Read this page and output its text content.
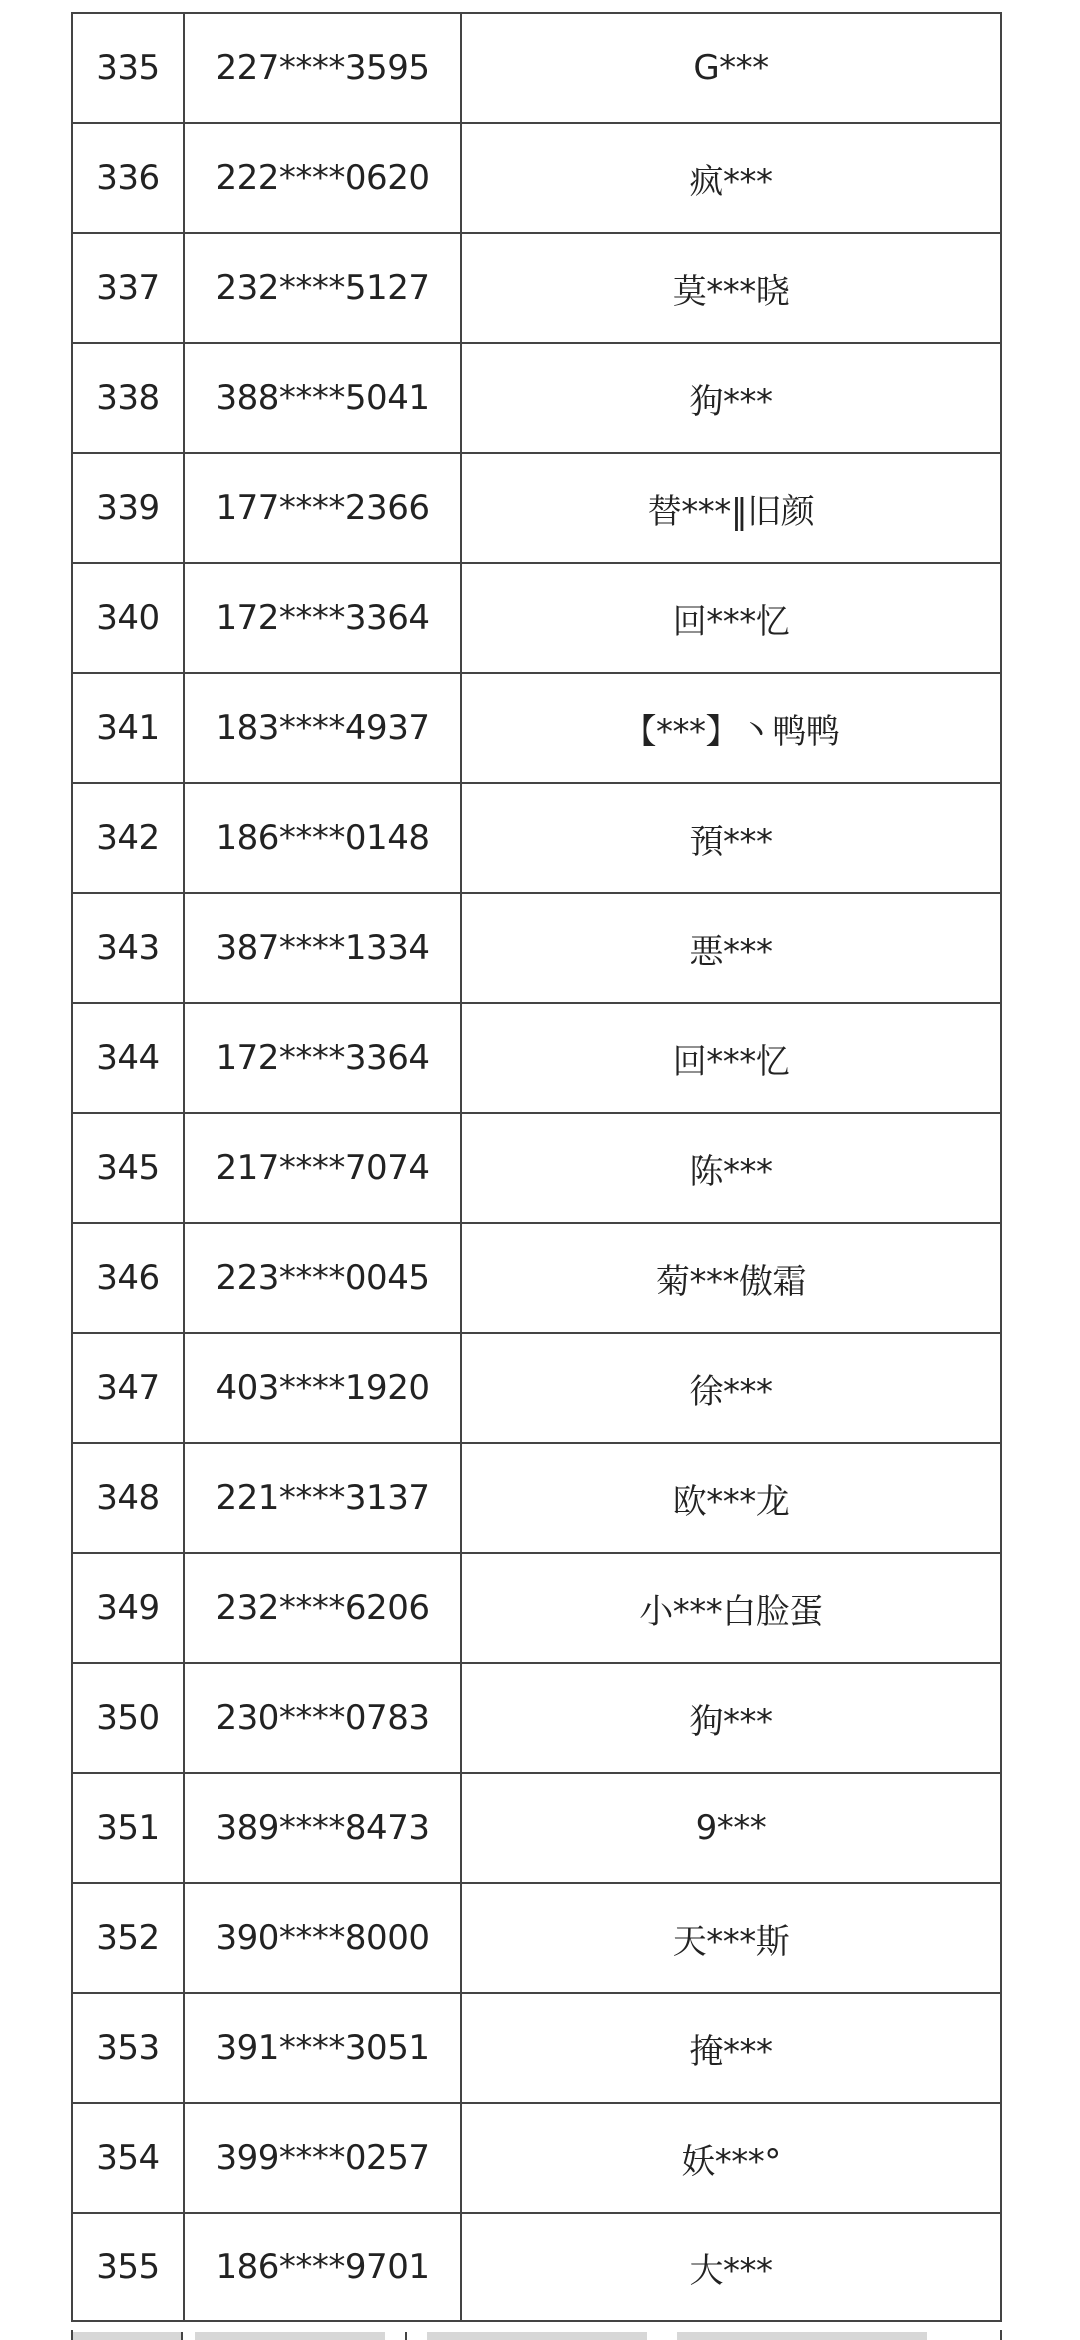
335	227****3595	G***
336	222****0620	疯***
337	232****5127	莫***晓
338	388****5041	狗***
339	177****2366	替***‖旧颜
340	172****3364	回***忆
341	183****4937	【***】丶鸭鸭
342	186****0148	預***
343	387****1334	悪***
344	172****3364	回***忆
345	217****7074	陈***
346	223****0045	菊***傲霜
347	403****1920	徐***
348	221****3137	欧***龙
349	232****6206	小***白脸蛋
350	230****0783	狗***
351	389****8473	9***
352	390****8000	天***斯
353	391****3051	掩***
354	399****0257	妖***°
355	186****9701	大***
